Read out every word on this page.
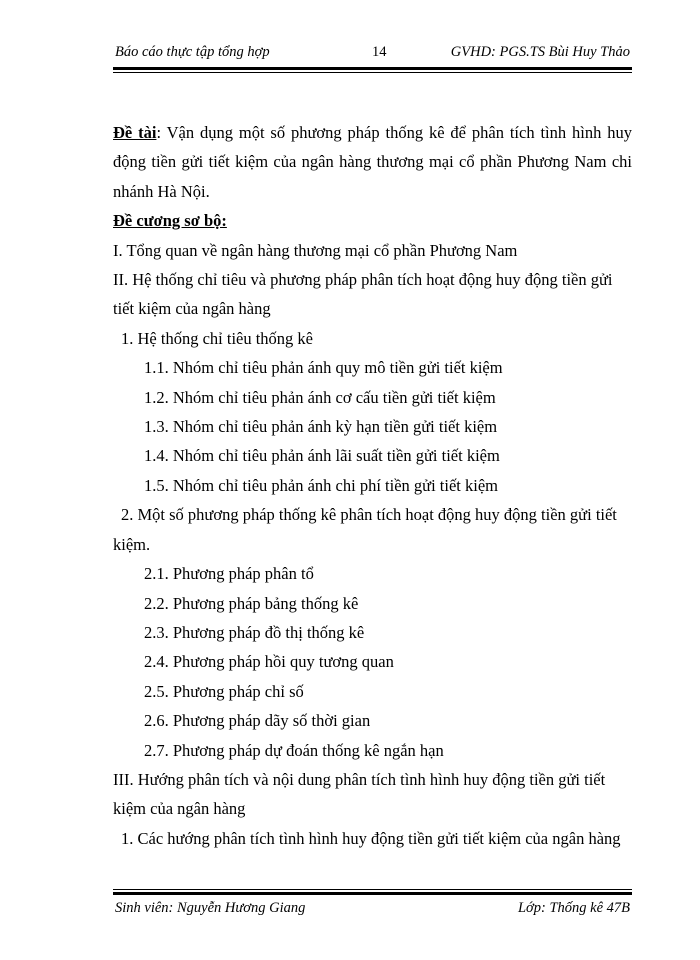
Báo cáo thực tập tổng hợp	14	GVHD: PGS.TS Bùi Huy Thảo

Đề tài: Vận dụng một số phương pháp thống kê để phân tích tình hình huy động tiền gửi tiết kiệm của ngân hàng thương mại cổ phần Phương Nam chi nhánh Hà Nội.

Đề cương sơ bộ:

I. Tổng quan về ngân hàng thương mại cổ phần Phương Nam

II. Hệ thống chỉ tiêu và phương pháp phân tích hoạt động huy động tiền gửi tiết kiệm của ngân hàng

1. Hệ thống chỉ tiêu thống kê

1.1. Nhóm chỉ tiêu phản ánh quy mô tiền gửi tiết kiệm

1.2. Nhóm chỉ tiêu phản ánh cơ cấu tiền gửi tiết kiệm

1.3. Nhóm chỉ tiêu phản ánh kỳ hạn tiền gửi tiết kiệm

1.4. Nhóm chỉ tiêu phản ánh lãi suất tiền gửi tiết kiệm

1.5. Nhóm chỉ tiêu phản ánh chi phí tiền gửi tiết kiệm

2. Một số phương pháp thống kê phân tích hoạt động huy động tiền gửi tiết kiệm.

2.1. Phương pháp phân tổ

2.2. Phương pháp bảng thống kê

2.3. Phương pháp đồ thị thống kê

2.4. Phương pháp hồi quy tương quan

2.5. Phương pháp chỉ số

2.6. Phương pháp dãy số thời gian

2.7. Phương pháp dự đoán thống kê ngắn hạn

III. Hướng phân tích và nội dung phân tích tình hình huy động tiền gửi tiết kiệm của ngân hàng

1. Các hướng phân tích tình hình huy động tiền gửi tiết kiệm của ngân hàng

Sinh viên: Nguyễn Hương Giang	Lớp: Thống kê 47B
